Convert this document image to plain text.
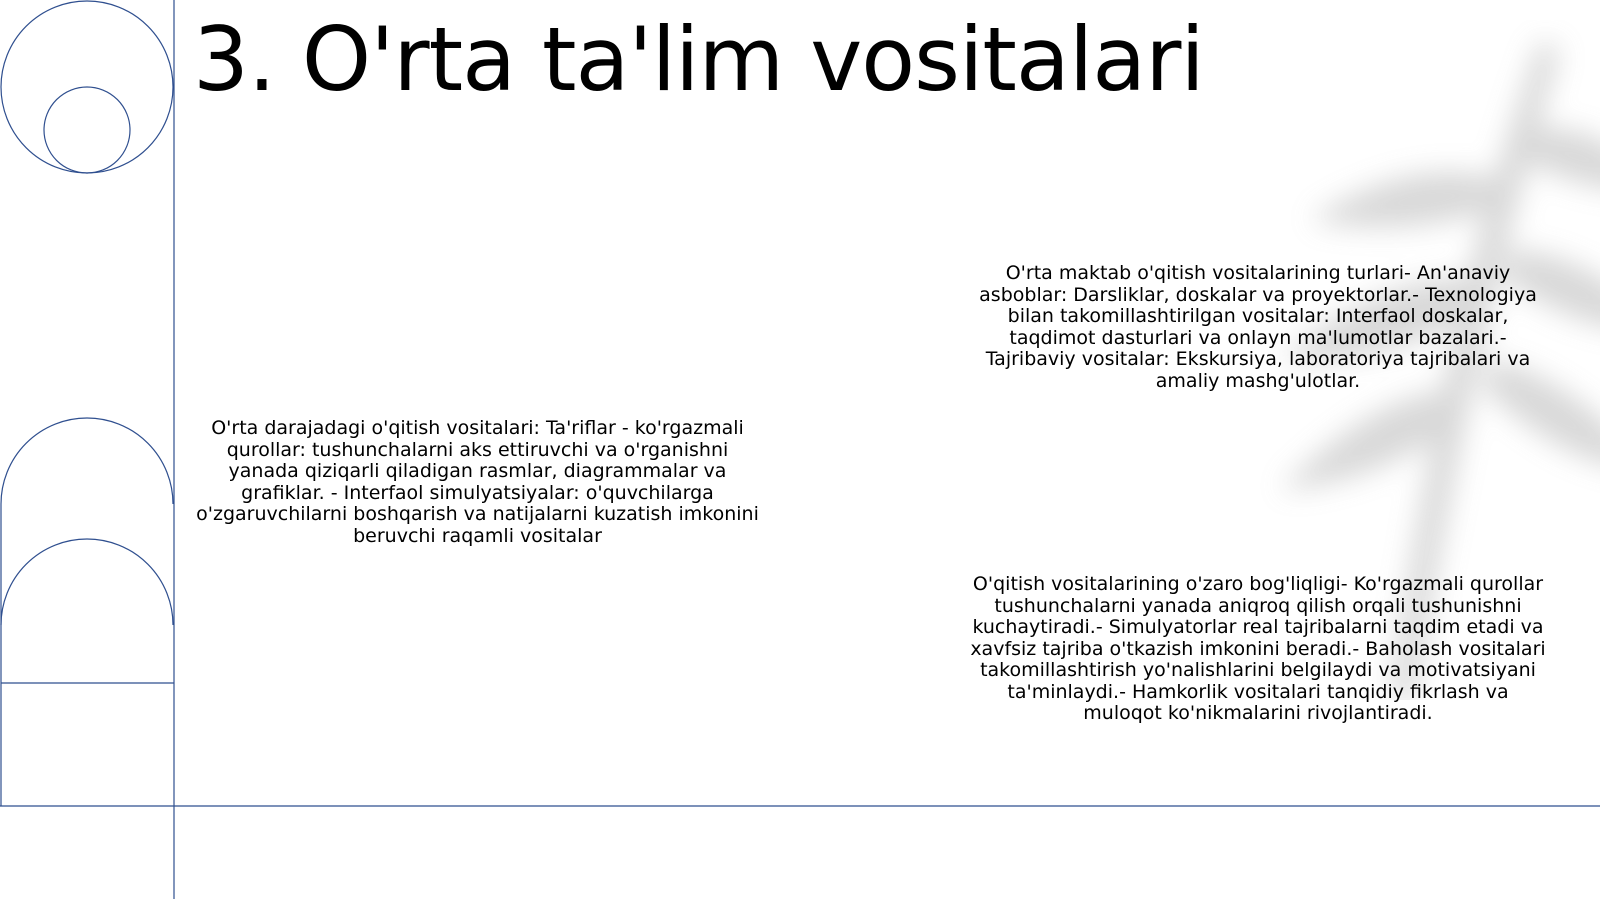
3. O'rta ta'lim vositalari
O'rta darajadagi o'qitish vositalari: Ta'riflar - ko'rgazmali qurollar: tushunchalarni aks ettiruvchi va o'rganishni yanada qiziqarli qiladigan rasmlar, diagrammalar va grafiklar. - Interfaol simulyatsiyalar: o'quvchilarga o'zgaruvchilarni boshqarish va natijalarni kuzatish imkonini beruvchi raqamli vositalar
O'rta maktab o'qitish vositalarining turlari- An'anaviy asboblar: Darsliklar, doskalar va proyektorlar.- Texnologiya bilan takomillashtirilgan vositalar: Interfaol doskalar, taqdimot dasturlari va onlayn ma'lumotlar bazalari.- Tajribaviy vositalar: Ekskursiya, laboratoriya tajribalari va amaliy mashg'ulotlar.
O'qitish vositalarining o'zaro bog'liqligi- Ko'rgazmali qurollar tushunchalarni yanada aniqroq qilish orqali tushunishni kuchaytiradi.- Simulyatorlar real tajribalarni taqdim etadi va xavfsiz tajriba o'tkazish imkonini beradi.- Baholash vositalari takomillashtirish yo'nalishlarini belgilaydi va motivatsiyani ta'minlaydi.- Hamkorlik vositalari tanqidiy fikrlash va muloqot ko'nikmalarini rivojlantiradi.
